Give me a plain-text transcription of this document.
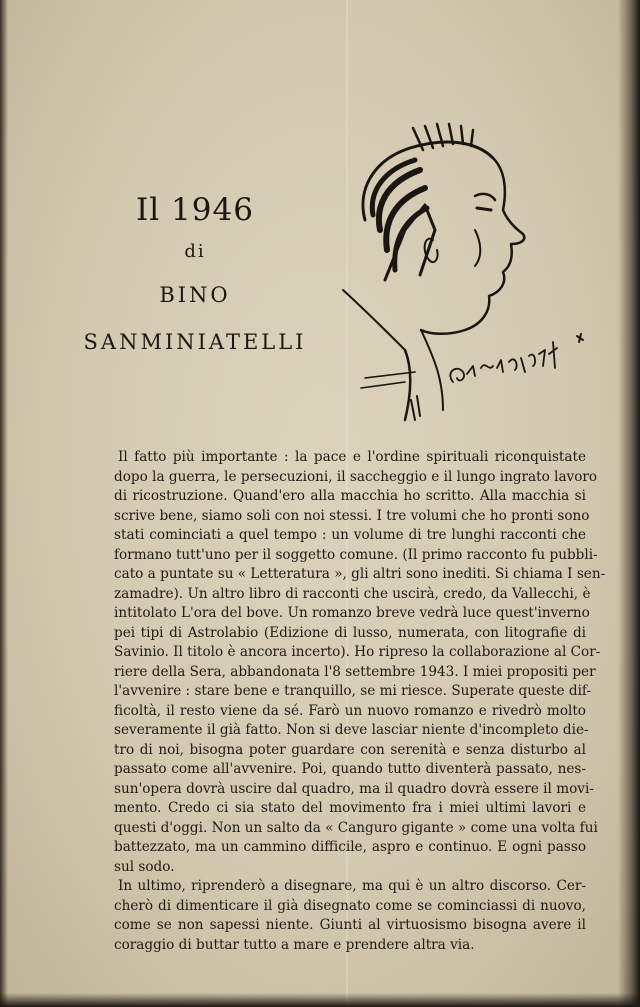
Il 1946
di
BINO
SANMINIATELLI
Il fatto più importante : la pace e l'ordine spirituali riconquistate
dopo la guerra, le persecuzioni, il saccheggio e il lungo ingrato lavoro
di ricostruzione. Quand'ero alla macchia ho scritto. Alla macchia si
scrive bene, siamo soli con noi stessi. I tre volumi che ho pronti sono
stati cominciati a quel tempo : un volume di tre lunghi racconti che
formano tutt'uno per il soggetto comune. (Il primo racconto fu pubbli-
cato a puntate su « Letteratura », gli altri sono inediti. Si chiama I sen-
zamadre). Un altro libro di racconti che uscirà, credo, da Vallecchi, è
intitolato L'ora del bove. Un romanzo breve vedrà luce quest'inverno
pei tipi di Astrolabio (Edizione di lusso, numerata, con litografie di
Savinio. Il titolo è ancora incerto). Ho ripreso la collaborazione al Cor-
riere della Sera, abbandonata l'8 settembre 1943. I miei propositi per
l'avvenire : stare bene e tranquillo, se mi riesce. Superate queste dif-
ficoltà, il resto viene da sé. Farò un nuovo romanzo e rivedrò molto
severamente il già fatto. Non si deve lasciar niente d'incompleto die-
tro di noi, bisogna poter guardare con serenità e senza disturbo al
passato come all'avvenire. Poi, quando tutto diventerà passato, nes-
sun'opera dovrà uscire dal quadro, ma il quadro dovrà essere il movi-
mento. Credo ci sia stato del movimento fra i miei ultimi lavori e
questi d'oggi. Non un salto da « Canguro gigante » come una volta fui
battezzato, ma un cammino difficile, aspro e continuo. E ogni passo
sul sodo.
In ultimo, riprenderò a disegnare, ma qui è un altro discorso. Cer-
cherò di dimenticare il già disegnato come se cominciassi di nuovo,
come se non sapessi niente. Giunti al virtuosismo bisogna avere il
coraggio di buttar tutto a mare e prendere altra via.
